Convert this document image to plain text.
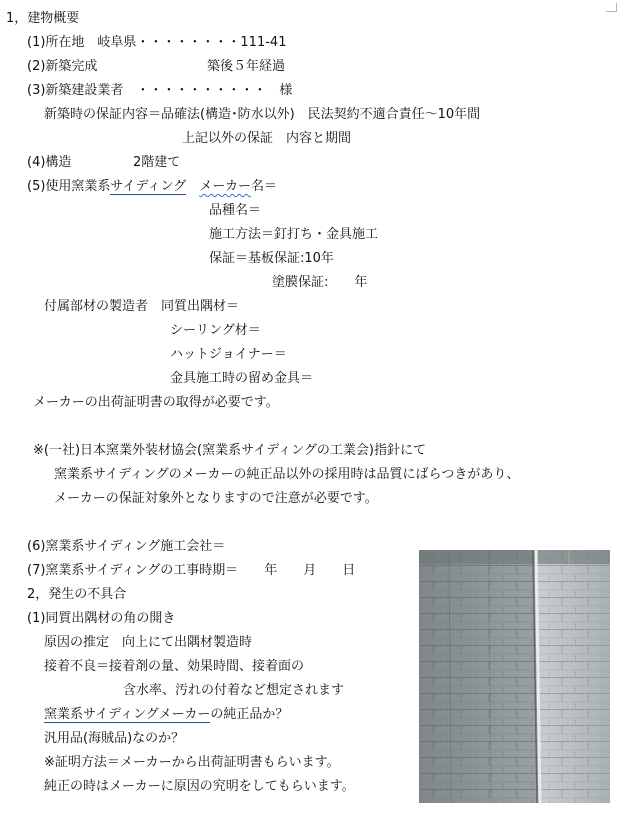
1，建物概要
(1)所在地　岐阜県・・・・・・・・111-41
(2)新築完成	築後５年経過
(3)新築建設業者　・・・・・・・・・・　様
新築時の保証内容＝品確法(構造･防水以外)　民法契約不適合責任～10年間
上記以外の保証　内容と期間
(4)構造	2階建て
(5)使用窯業系サイディング　 メーカー名＝
品種名＝
施工方法＝釘打ち・金具施工
保証＝基板保証:10年
塗膜保証:　　年
付属部材の製造者　同質出隅材＝
シーリング材＝
ハットジョイナー＝
金具施工時の留め金具＝
メーカーの出荷証明書の取得が必要です。
※(一社)日本窯業外装材協会(窯業系サイディングの工業会)指針にて
窯業系サイディングのメーカーの純正品以外の採用時は品質にばらつきがあり、
メーカーの保証対象外となりますので注意が必要です。
(6)窯業系サイディング施工会社＝
(7)窯業系サイディングの工事時期＝　　年　　月　　日
2，発生の不具合
(1)同質出隅材の角の開き
原因の推定　向上にて出隅材製造時
接着不良＝接着剤の量、効果時間、接着面の
含水率、汚れの付着など想定されます
窯業系サイディングメーカーの純正品か？
汎用品(海賊品)なのか？
※証明方法＝メーカーから出荷証明書もらいます。
純正の時はメーカーに原因の究明をしてもらいます。
